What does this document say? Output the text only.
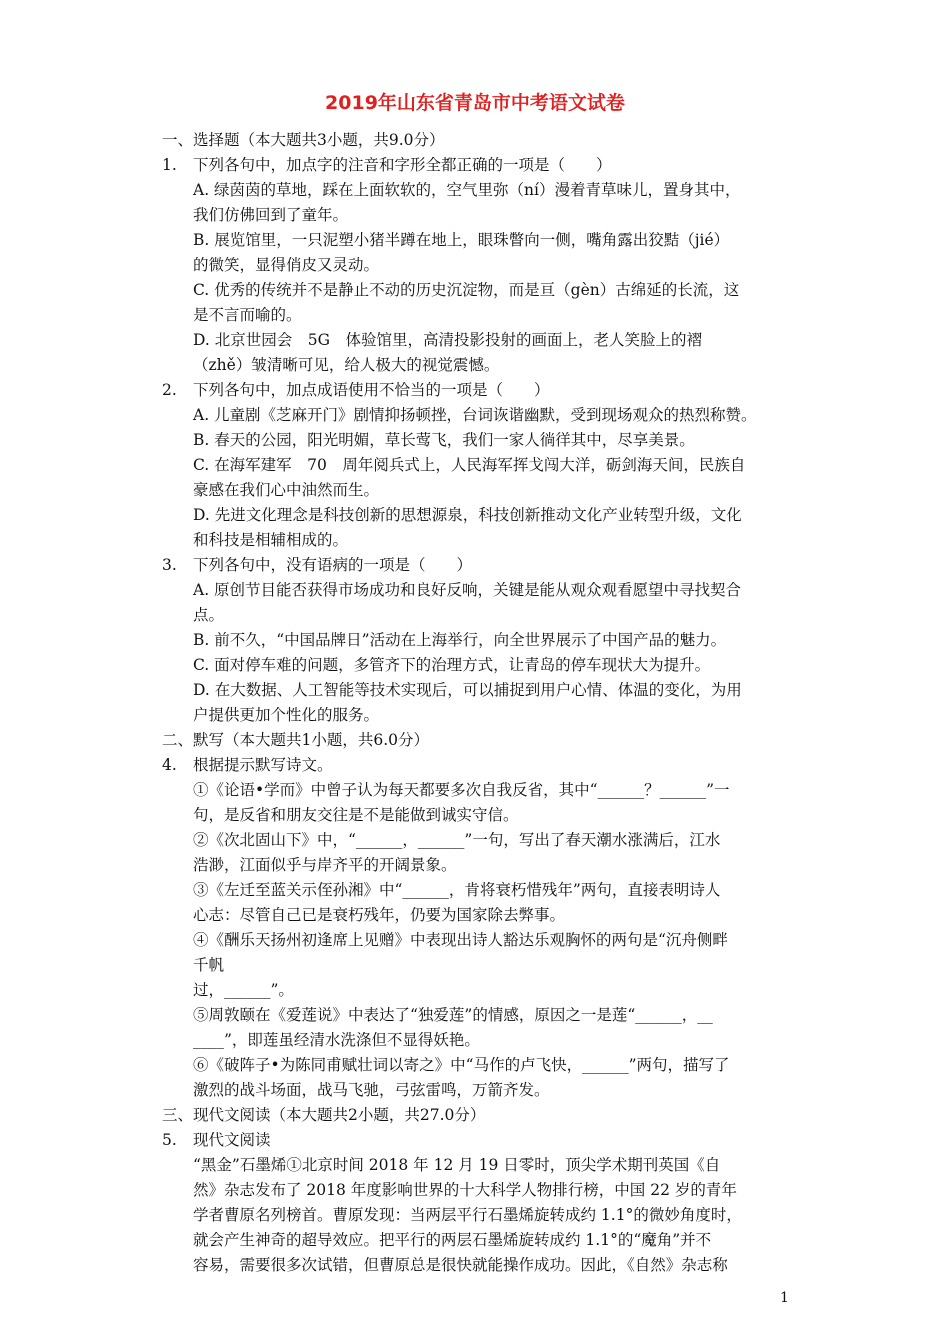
2019年山东省青岛市中考语文试卷
一、选择题（本大题共3小题，共9.0分）
1. 下列各句中，加点字的注音和字形全都正确的一项是（　　）
A. 绿茵茵的草地，踩在上面软软的，空气里弥（ní）漫着青草味儿，置身其中，
我们仿佛回到了童年。
B. 展览馆里，一只泥塑小猪半蹲在地上，眼珠瞥向一侧，嘴角露出狡黠（jié）
的微笑，显得俏皮又灵动。
C. 优秀的传统并不是静止不动的历史沉淀物，而是亘（gèn）古绵延的长流，这
是不言而喻的。
D. 北京世园会　5G　体验馆里，高清投影投射的画面上，老人笑脸上的褶
（zhě）皱清晰可见，给人极大的视觉震憾。
2. 下列各句中，加点成语使用不恰当的一项是（　　）
A. 儿童剧《芝麻开门》剧情抑扬顿挫，台词诙谐幽默，受到现场观众的热烈称赞。
B. 春天的公园，阳光明媚，草长莺飞，我们一家人徜徉其中，尽享美景。
C. 在海军建军　70　周年阅兵式上，人民海军挥戈闯大洋，砺剑海天间，民族自
豪感在我们心中油然而生。
D. 先进文化理念是科技创新的思想源泉，科技创新推动文化产业转型升级，文化
和科技是相辅相成的。
3. 下列各句中，没有语病的一项是（　　）
A. 原创节目能否获得市场成功和良好反响，关键是能从观众观看愿望中寻找契合
点。
B. 前不久，“中国品牌日”活动在上海举行，向全世界展示了中国产品的魅力。
C. 面对停车难的问题，多管齐下的治理方式，让青岛的停车现状大为提升。
D. 在大数据、人工智能等技术实现后，可以捕捉到用户心情、体温的变化，为用
户提供更加个性化的服务。
二、默写（本大题共1小题，共6.0分）
4. 根据提示默写诗文。
①《论语•学而》中曾子认为每天都要多次自我反省，其中“______？______”一
句，是反省和朋友交往是不是能做到诚实守信。
②《次北固山下》中，“______，______”一句，写出了春天潮水涨满后，江水
浩渺，江面似乎与岸齐平的开阔景象。
③《左迁至蓝关示侄孙湘》中“______，肯将衰朽惜残年”两句，直接表明诗人
心志：尽管自己已是衰朽残年，仍要为国家除去弊事。
④《酬乐天扬州初逢席上见赠》中表现出诗人豁达乐观胸怀的两句是“沉舟侧畔
千帆
过，______”。
⑤周敦颐在《爱莲说》中表达了“独爱莲”的情感，原因之一是莲“______，__
____”，即莲虽经清水洗涤但不显得妖艳。
⑥《破阵子•为陈同甫赋壮词以寄之》中“马作的卢飞快，______”两句，描写了
激烈的战斗场面，战马飞驰，弓弦雷鸣，万箭齐发。
三、现代文阅读（本大题共2小题，共27.0分）
5. 现代文阅读
“黑金”石墨烯①北京时间 2018 年 12 月 19 日零时，顶尖学术期刊英国《自
然》杂志发布了 2018 年度影响世界的十大科学人物排行榜，中国 22 岁的青年
学者曹原名列榜首。曹原发现：当两层平行石墨烯旋转成约 1.1°的微妙角度时，
就会产生神奇的超导效应。把平行的两层石墨烯旋转成约 1.1°的“魔角”并不
容易，需要很多次试错，但曹原总是很快就能操作成功。因此，《自然》杂志称
1
